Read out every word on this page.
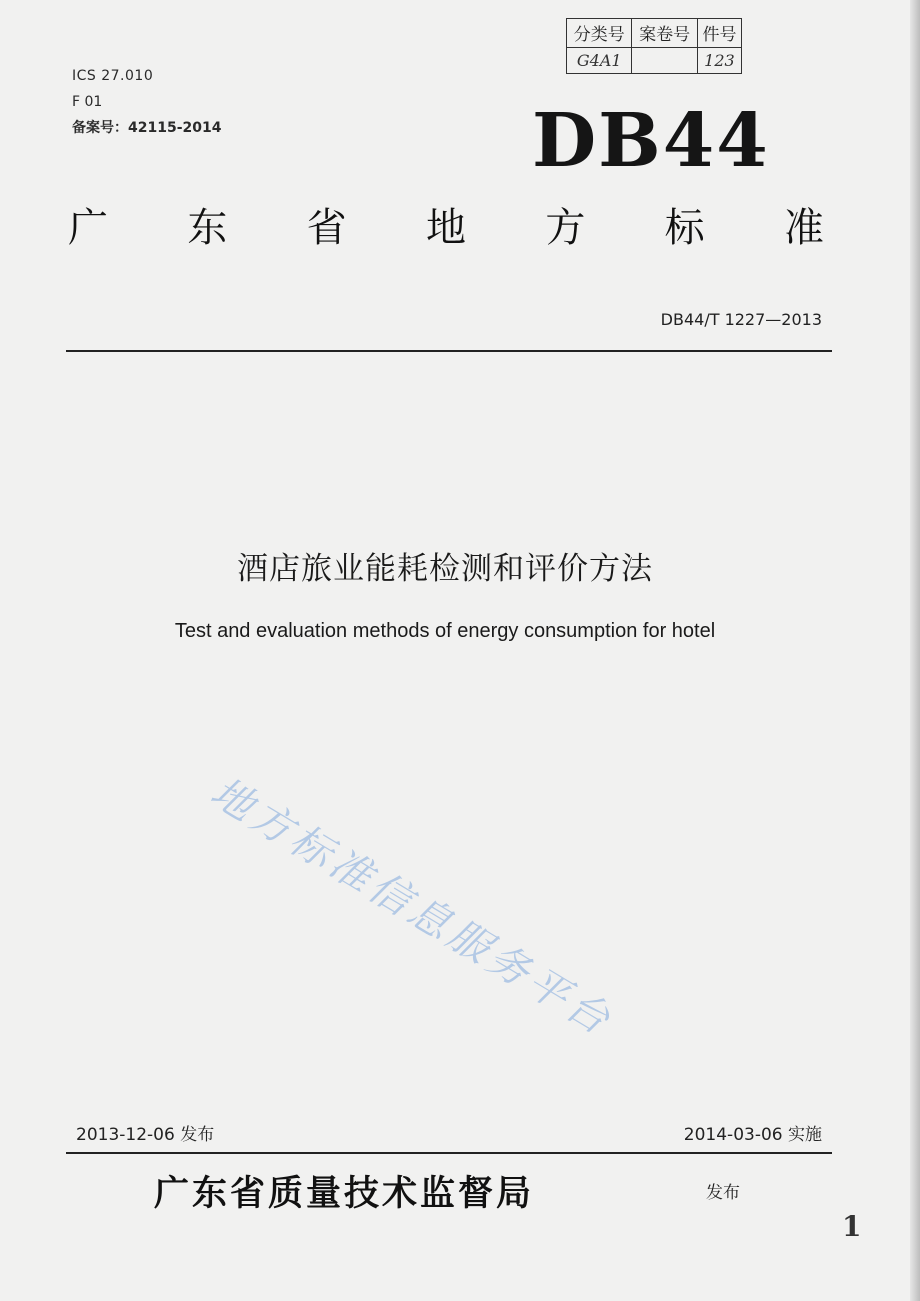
分类号	案卷号	件号
G4A1		123
ICS 27.010
F 01
备案号：42115-2014	DB44
广 东 省 地 方 标 准
DB44/T 1227—2013
酒店旅业能耗检测和评价方法
Test and evaluation methods of energy consumption for hotel
地方标准信息服务平台
2013-12-06 发布	2014-03-06 实施
广东省质量技术监督局	发布
1
